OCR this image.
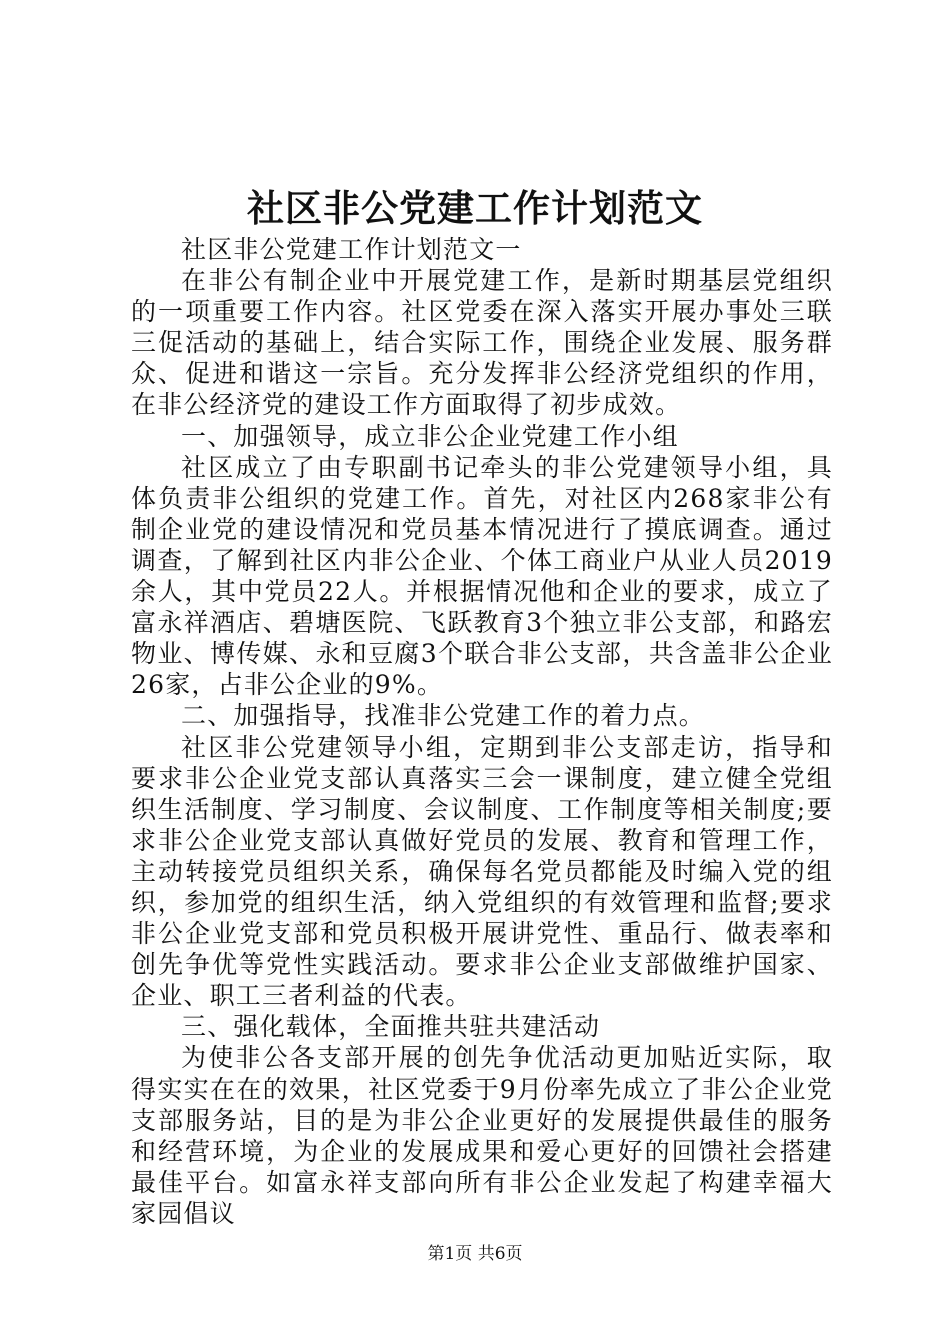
社区非公党建工作计划范文

社区非公党建工作计划范文一

在非公有制企业中开展党建工作，是新时期基层党组织的一项重要工作内容。社区党委在深入落实开展办事处三联三促活动的基础上，结合实际工作，围绕企业发展、服务群众、促进和谐这一宗旨。充分发挥非公经济党组织的作用，在非公经济党的建设工作方面取得了初步成效。

一、加强领导，成立非公企业党建工作小组

社区成立了由专职副书记牵头的非公党建领导小组，具体负责非公组织的党建工作。首先，对社区内268家非公有制企业党的建设情况和党员基本情况进行了摸底调查。通过调查，了解到社区内非公企业、个体工商业户从业人员2019余人，其中党员22人。并根据情况他和企业的要求，成立了富永祥酒店、碧塘医院、飞跃教育3个独立非公支部，和路宏物业、博传媒、永和豆腐3个联合非公支部，共含盖非公企业26家，占非公企业的9%。

二、加强指导，找准非公党建工作的着力点。

社区非公党建领导小组，定期到非公支部走访，指导和要求非公企业党支部认真落实三会一课制度，建立健全党组织生活制度、学习制度、会议制度、工作制度等相关制度;要求非公企业党支部认真做好党员的发展、教育和管理工作，主动转接党员组织关系，确保每名党员都能及时编入党的组织，参加党的组织生活，纳入党组织的有效管理和监督;要求非公企业党支部和党员积极开展讲党性、重品行、做表率和创先争优等党性实践活动。要求非公企业支部做维护国家、企业、职工三者利益的代表。

三、强化载体，全面推共驻共建活动

为使非公各支部开展的创先争优活动更加贴近实际，取得实实在在的效果，社区党委于9月份率先成立了非公企业党支部服务站，目的是为非公企业更好的发展提供最佳的服务和经营环境，为企业的发展成果和爱心更好的回馈社会搭建最佳平台。如富永祥支部向所有非公企业发起了构建幸福大家园倡议

第1页 共6页
